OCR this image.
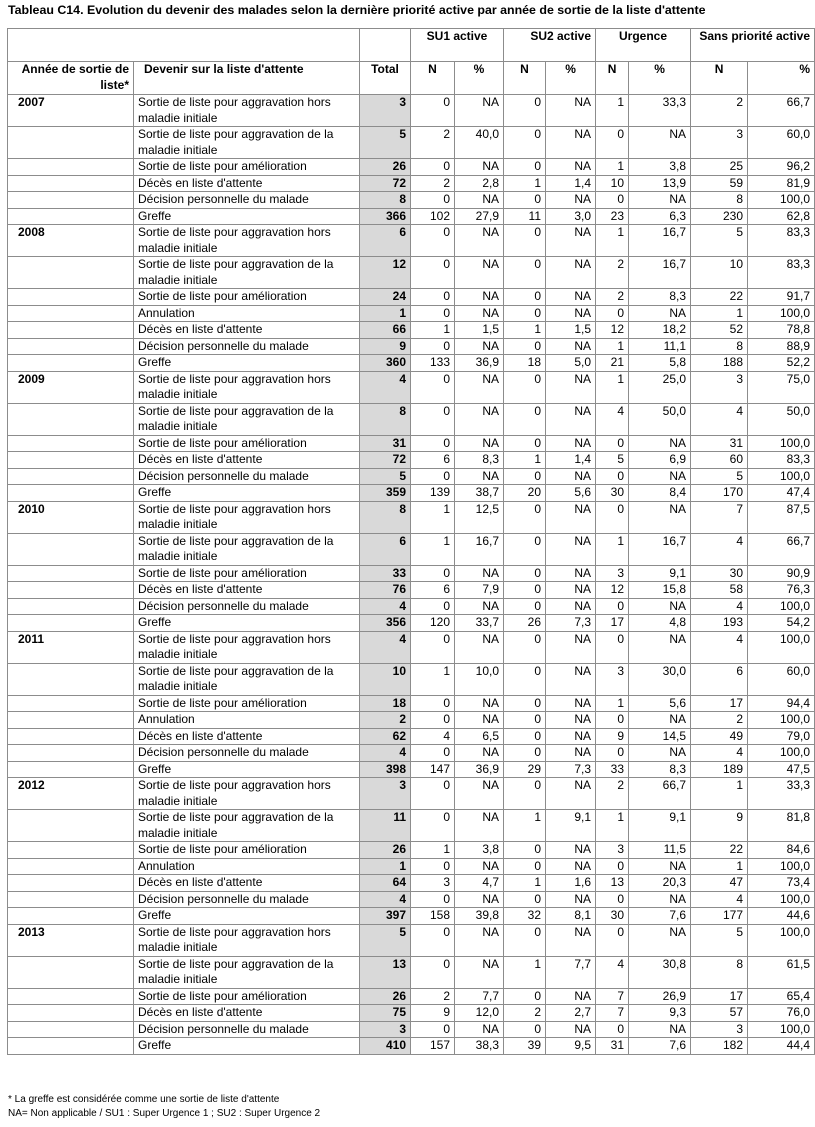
Tableau C14. Evolution du devenir des malades selon la dernière priorité active par année de sortie de la liste d'attente
			SU1 active		SU2 active		Urgence		Sans priorité active	
Année de sortie de liste*	Devenir sur la liste d'attente	Total	N	%	N	%	N	%	N	%
2007	Sortie de liste pour aggravation hors maladie initiale	3	0	NA	0	NA	1	33,3	2	66,7
	Sortie de liste pour aggravation de la maladie initiale	5	2	40,0	0	NA	0	NA	3	60,0
	Sortie de liste pour amélioration	26	0	NA	0	NA	1	3,8	25	96,2
	Décès en liste d'attente	72	2	2,8	1	1,4	10	13,9	59	81,9
	Décision personnelle du malade	8	0	NA	0	NA	0	NA	8	100,0
	Greffe	366	102	27,9	11	3,0	23	6,3	230	62,8
2008	Sortie de liste pour aggravation hors maladie initiale	6	0	NA	0	NA	1	16,7	5	83,3
	Sortie de liste pour aggravation de la maladie initiale	12	0	NA	0	NA	2	16,7	10	83,3
	Sortie de liste pour amélioration	24	0	NA	0	NA	2	8,3	22	91,7
	Annulation	1	0	NA	0	NA	0	NA	1	100,0
	Décès en liste d'attente	66	1	1,5	1	1,5	12	18,2	52	78,8
	Décision personnelle du malade	9	0	NA	0	NA	1	11,1	8	88,9
	Greffe	360	133	36,9	18	5,0	21	5,8	188	52,2
2009	Sortie de liste pour aggravation hors maladie initiale	4	0	NA	0	NA	1	25,0	3	75,0
	Sortie de liste pour aggravation de la maladie initiale	8	0	NA	0	NA	4	50,0	4	50,0
	Sortie de liste pour amélioration	31	0	NA	0	NA	0	NA	31	100,0
	Décès en liste d'attente	72	6	8,3	1	1,4	5	6,9	60	83,3
	Décision personnelle du malade	5	0	NA	0	NA	0	NA	5	100,0
	Greffe	359	139	38,7	20	5,6	30	8,4	170	47,4
2010	Sortie de liste pour aggravation hors maladie initiale	8	1	12,5	0	NA	0	NA	7	87,5
	Sortie de liste pour aggravation de la maladie initiale	6	1	16,7	0	NA	1	16,7	4	66,7
	Sortie de liste pour amélioration	33	0	NA	0	NA	3	9,1	30	90,9
	Décès en liste d'attente	76	6	7,9	0	NA	12	15,8	58	76,3
	Décision personnelle du malade	4	0	NA	0	NA	0	NA	4	100,0
	Greffe	356	120	33,7	26	7,3	17	4,8	193	54,2
2011	Sortie de liste pour aggravation hors maladie initiale	4	0	NA	0	NA	0	NA	4	100,0
	Sortie de liste pour aggravation de la maladie initiale	10	1	10,0	0	NA	3	30,0	6	60,0
	Sortie de liste pour amélioration	18	0	NA	0	NA	1	5,6	17	94,4
	Annulation	2	0	NA	0	NA	0	NA	2	100,0
	Décès en liste d'attente	62	4	6,5	0	NA	9	14,5	49	79,0
	Décision personnelle du malade	4	0	NA	0	NA	0	NA	4	100,0
	Greffe	398	147	36,9	29	7,3	33	8,3	189	47,5
2012	Sortie de liste pour aggravation hors maladie initiale	3	0	NA	0	NA	2	66,7	1	33,3
	Sortie de liste pour aggravation de la maladie initiale	11	0	NA	1	9,1	1	9,1	9	81,8
	Sortie de liste pour amélioration	26	1	3,8	0	NA	3	11,5	22	84,6
	Annulation	1	0	NA	0	NA	0	NA	1	100,0
	Décès en liste d'attente	64	3	4,7	1	1,6	13	20,3	47	73,4
	Décision personnelle du malade	4	0	NA	0	NA	0	NA	4	100,0
	Greffe	397	158	39,8	32	8,1	30	7,6	177	44,6
2013	Sortie de liste pour aggravation hors maladie initiale	5	0	NA	0	NA	0	NA	5	100,0
	Sortie de liste pour aggravation de la maladie initiale	13	0	NA	1	7,7	4	30,8	8	61,5
	Sortie de liste pour amélioration	26	2	7,7	0	NA	7	26,9	17	65,4
	Décès en liste d'attente	75	9	12,0	2	2,7	7	9,3	57	76,0
	Décision personnelle du malade	3	0	NA	0	NA	0	NA	3	100,0
	Greffe	410	157	38,3	39	9,5	31	7,6	182	44,4
* La greffe est considérée comme une sortie de liste d'attente
NA= Non applicable / SU1 : Super Urgence 1 ; SU2 : Super Urgence 2
